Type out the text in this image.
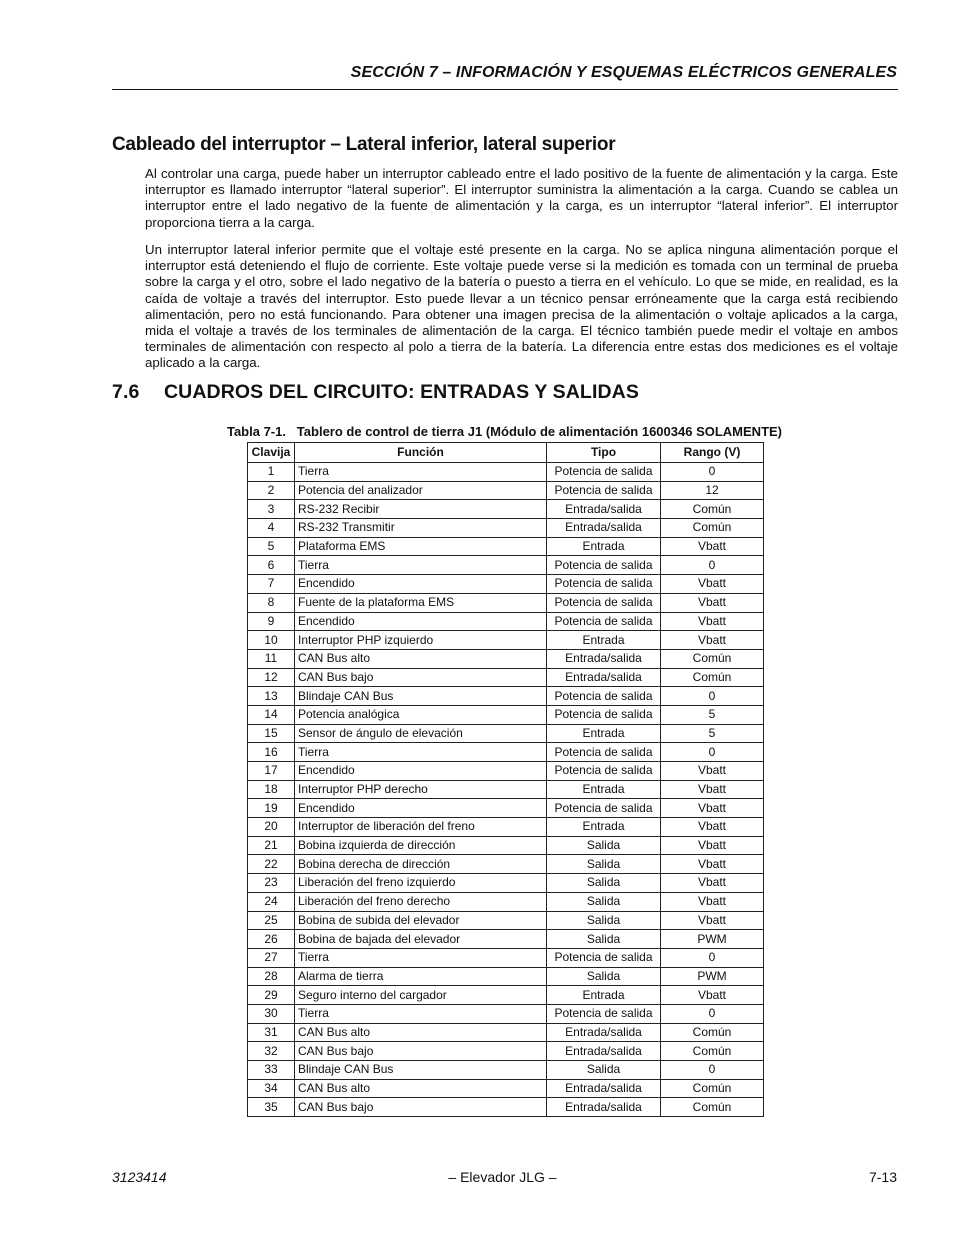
SECCIÓN 7 – INFORMACIÓN Y ESQUEMAS ELÉCTRICOS GENERALES
Cableado del interruptor – Lateral inferior, lateral superior

Al controlar una carga, puede haber un interruptor cableado entre el lado positivo de la fuente de alimentación y la carga. Este interruptor es llamado interruptor “lateral superior”. El interruptor suministra la alimentación a la carga. Cuando se cablea un interruptor entre el lado negativo de la fuente de alimentación y la carga, es un interruptor “lateral inferior”. El interruptor proporciona tierra a la carga.

Un interruptor lateral inferior permite que el voltaje esté presente en la carga. No se aplica ninguna alimentación porque el interruptor está deteniendo el flujo de corriente. Este voltaje puede verse si la medición es tomada con un terminal de prueba sobre la carga y el otro, sobre el lado negativo de la batería o puesto a tierra en el vehículo. Lo que se mide, en realidad, es la caída de voltaje a través del interruptor. Esto puede llevar a un técnico pensar erróneamente que la carga está recibiendo alimentación, pero no está funcionando. Para obtener una imagen precisa de la alimentación o voltaje aplicados a la carga, mida el voltaje a través de los terminales de alimentación de la carga. El técnico también puede medir el voltaje en ambos terminales de alimentación con respecto al polo a tierra de la batería. La diferencia entre estas dos mediciones es el voltaje aplicado a la carga.

7.6 CUADROS DEL CIRCUITO: ENTRADAS Y SALIDAS
Tabla 7-1.   Tablero de control de tierra J1 (Módulo de alimentación 1600346 SOLAMENTE)
Clavija	Función	Tipo	Rango (V)
1	Tierra	Potencia de salida	0
2	Potencia del analizador	Potencia de salida	12
3	RS-232 Recibir	Entrada/salida	Común
4	RS-232 Transmitir	Entrada/salida	Común
5	Plataforma EMS	Entrada	Vbatt
6	Tierra	Potencia de salida	0
7	Encendido	Potencia de salida	Vbatt
8	Fuente de la plataforma EMS	Potencia de salida	Vbatt
9	Encendido	Potencia de salida	Vbatt
10	Interruptor PHP izquierdo	Entrada	Vbatt
11	CAN Bus alto	Entrada/salida	Común
12	CAN Bus bajo	Entrada/salida	Común
13	Blindaje CAN Bus	Potencia de salida	0
14	Potencia analógica	Potencia de salida	5
15	Sensor de ángulo de elevación	Entrada	5
16	Tierra	Potencia de salida	0
17	Encendido	Potencia de salida	Vbatt
18	Interruptor PHP derecho	Entrada	Vbatt
19	Encendido	Potencia de salida	Vbatt
20	Interruptor de liberación del freno	Entrada	Vbatt
21	Bobina izquierda de dirección	Salida	Vbatt
22	Bobina derecha de dirección	Salida	Vbatt
23	Liberación del freno izquierdo	Salida	Vbatt
24	Liberación del freno derecho	Salida	Vbatt
25	Bobina de subida del elevador	Salida	Vbatt
26	Bobina de bajada del elevador	Salida	PWM
27	Tierra	Potencia de salida	0
28	Alarma de tierra	Salida	PWM
29	Seguro interno del cargador	Entrada	Vbatt
30	Tierra	Potencia de salida	0
31	CAN Bus alto	Entrada/salida	Común
32	CAN Bus bajo	Entrada/salida	Común
33	Blindaje CAN Bus	Salida	0
34	CAN Bus alto	Entrada/salida	Común
35	CAN Bus bajo	Entrada/salida	Común
3123414	– Elevador JLG –	7-13
